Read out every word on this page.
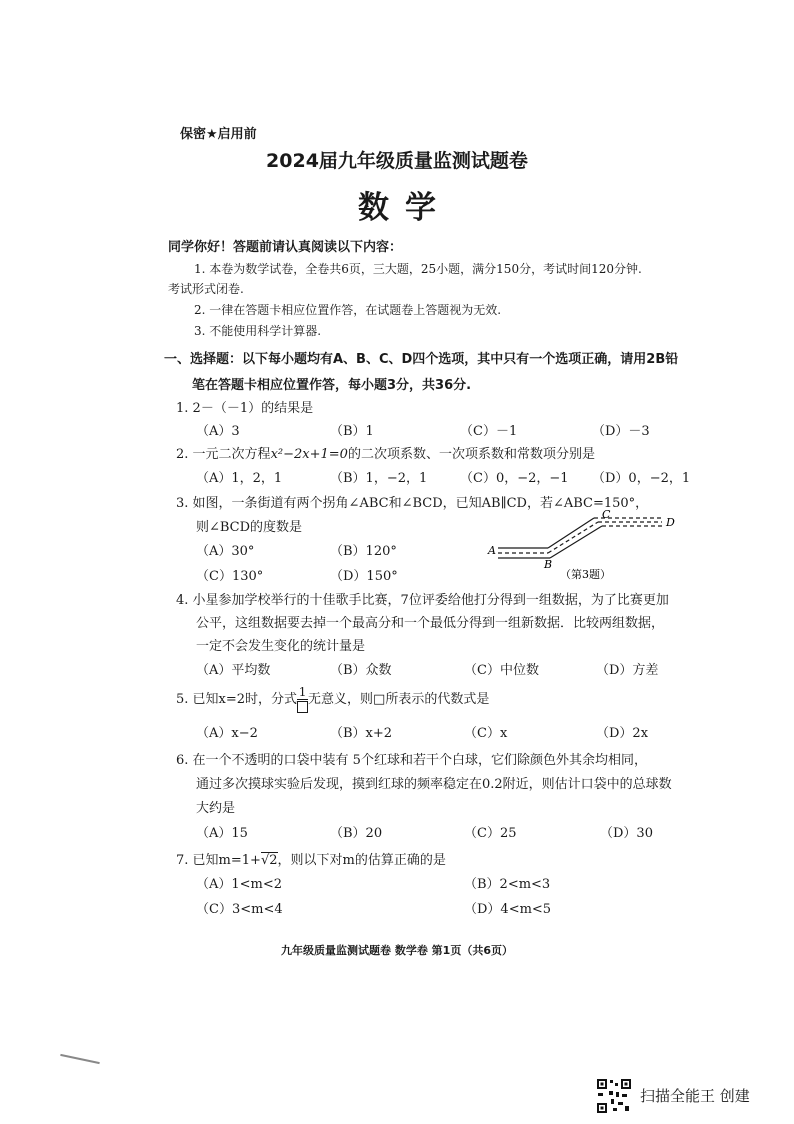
保密★启用前
2024届九年级质量监测试题卷
数学
同学你好！答题前请认真阅读以下内容：
1. 本卷为数学试卷，全卷共6页，三大题，25小题，满分150分，考试时间120分钟.
考试形式闭卷.
2. 一律在答题卡相应位置作答，在试题卷上答题视为无效.
3. 不能使用科学计算器.
一、选择题：以下每小题均有A、B、C、D四个选项，其中只有一个选项正确，请用2B铅
笔在答题卡相应位置作答，每小题3分，共36分.
1. 2－（－1）的结果是
（A）3	（B）1	（C）－1	（D）－3
2. 一元二次方程x²−2x+1=0的二次项系数、一次项系数和常数项分别是
（A）1，2，1	（B）1，−2，1	（C）0，−2，−1 （D）0，−2，1
3. 如图，一条街道有两个拐角∠ABC和∠BCD，已知AB∥CD，若∠ABC=150°，
则∠BCD的度数是
（A）30°	（B）120°
（C）130°	（D）150°
A
B
C
D
（第3题）
4. 小星参加学校举行的十佳歌手比赛，7位评委给他打分得到一组数据，为了比赛更加
公平，这组数据要去掉一个最高分和一个最低分得到一组新数据．比较两组数据，
一定不会发生变化的统计量是
（A）平均数	（B）众数	（C）中位数	（D）方差
5. 已知x=2时，分式 1 无意义，则□所表示的代数式是
（A）x−2	（B）x+2	（C）x	（D）2x
6. 在一个不透明的口袋中装有 5个红球和若干个白球，它们除颜色外其余均相同，
通过多次摸球实验后发现，摸到红球的频率稳定在0.2附近，则估计口袋中的总球数
大约是
（A）15	（B）20	（C）25	（D）30
7. 已知m=1+√2，则以下对m的估算正确的是
（A）1<m<2	（B）2<m<3
（C）3<m<4	（D）4<m<5
九年级质量监测试题卷 数学卷 第1页（共6页）
扫描全能王 创建
